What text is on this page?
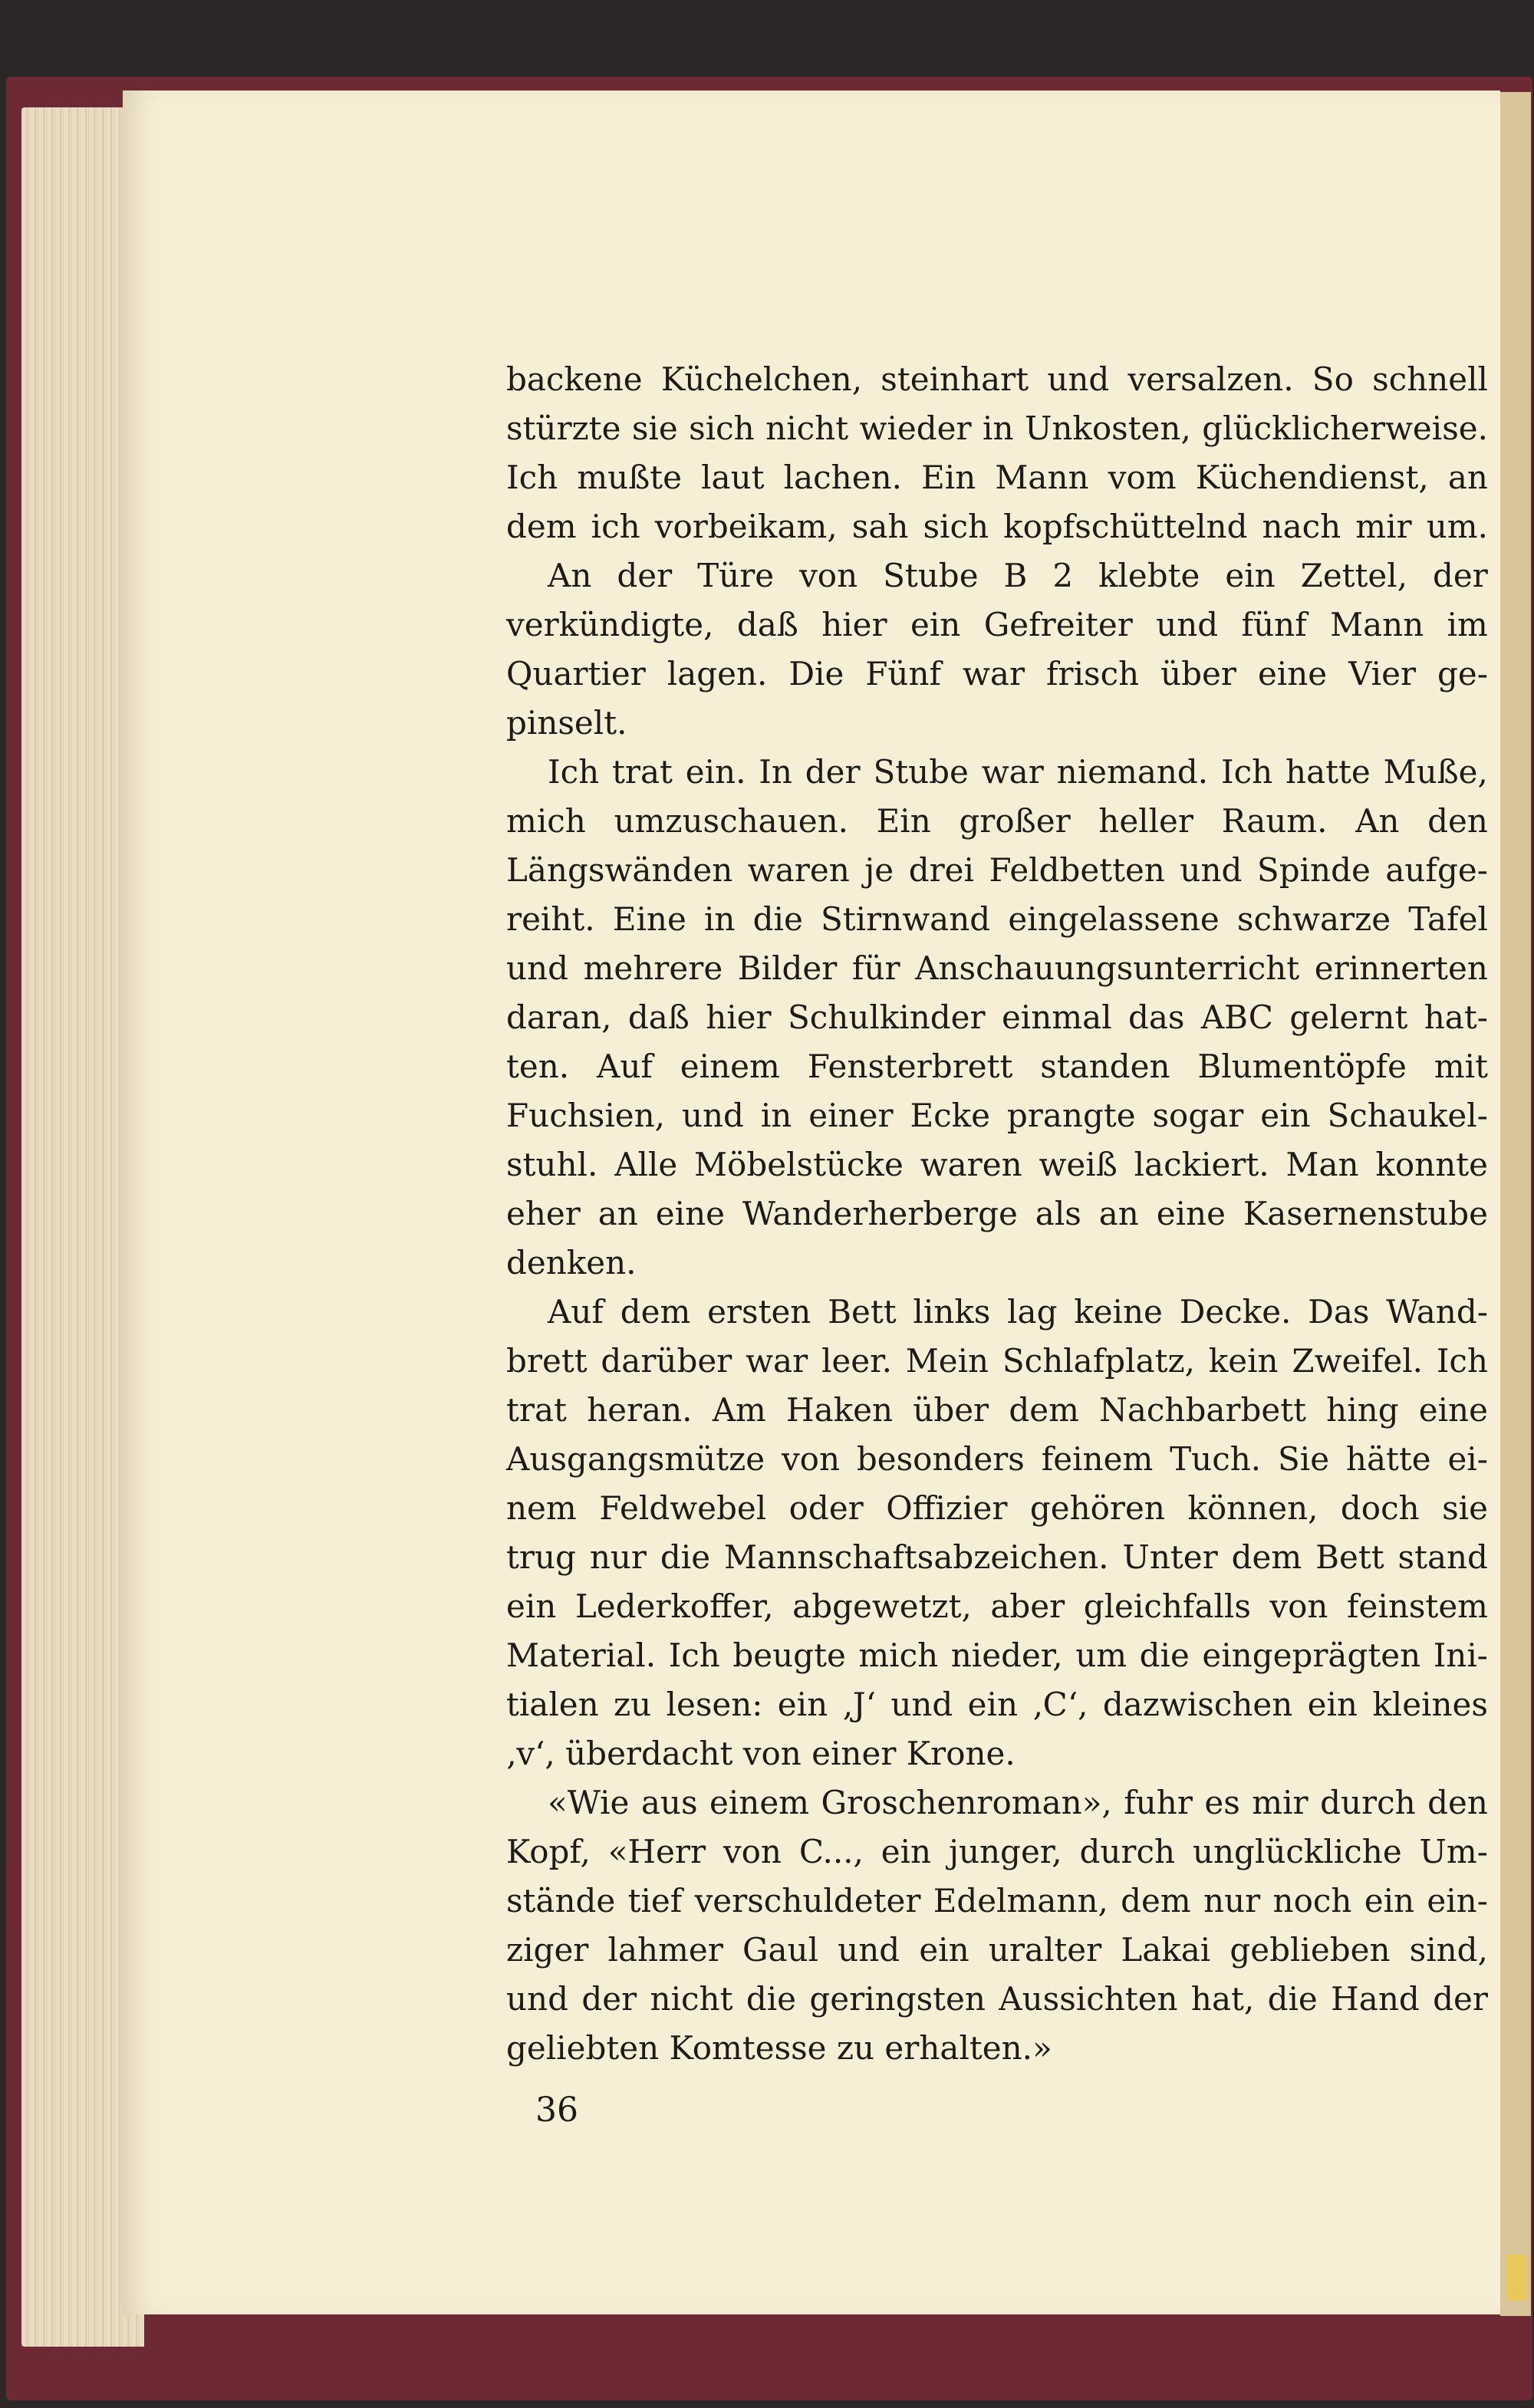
backene Küchelchen, steinhart und versalzen. So schnell
stürzte sie sich nicht wieder in Unkosten, glücklicherweise.
Ich mußte laut lachen. Ein Mann vom Küchendienst, an
dem ich vorbeikam, sah sich kopfschüttelnd nach mir um.
An der Türe von Stube B 2 klebte ein Zettel, der
verkündigte, daß hier ein Gefreiter und fünf Mann im
Quartier lagen. Die Fünf war frisch über eine Vier ge-
pinselt.
Ich trat ein. In der Stube war niemand. Ich hatte Muße,
mich umzuschauen. Ein großer heller Raum. An den
Längswänden waren je drei Feldbetten und Spinde aufge-
reiht. Eine in die Stirnwand eingelassene schwarze Tafel
und mehrere Bilder für Anschauungsunterricht erinnerten
daran, daß hier Schulkinder einmal das ABC gelernt hat-
ten. Auf einem Fensterbrett standen Blumentöpfe mit
Fuchsien, und in einer Ecke prangte sogar ein Schaukel-
stuhl. Alle Möbelstücke waren weiß lackiert. Man konnte
eher an eine Wanderherberge als an eine Kasernenstube
denken.
Auf dem ersten Bett links lag keine Decke. Das Wand-
brett darüber war leer. Mein Schlafplatz, kein Zweifel. Ich
trat heran. Am Haken über dem Nachbarbett hing eine
Ausgangsmütze von besonders feinem Tuch. Sie hätte ei-
nem Feldwebel oder Offizier gehören können, doch sie
trug nur die Mannschaftsabzeichen. Unter dem Bett stand
ein Lederkoffer, abgewetzt, aber gleichfalls von feinstem
Material. Ich beugte mich nieder, um die eingeprägten Ini-
tialen zu lesen: ein ‚J‘ und ein ‚C‘, dazwischen ein kleines
‚v‘, überdacht von einer Krone.
«Wie aus einem Groschenroman», fuhr es mir durch den
Kopf, «Herr von C..., ein junger, durch unglückliche Um-
stände tief verschuldeter Edelmann, dem nur noch ein ein-
ziger lahmer Gaul und ein uralter Lakai geblieben sind,
und der nicht die geringsten Aussichten hat, die Hand der
geliebten Komtesse zu erhalten.»
36
